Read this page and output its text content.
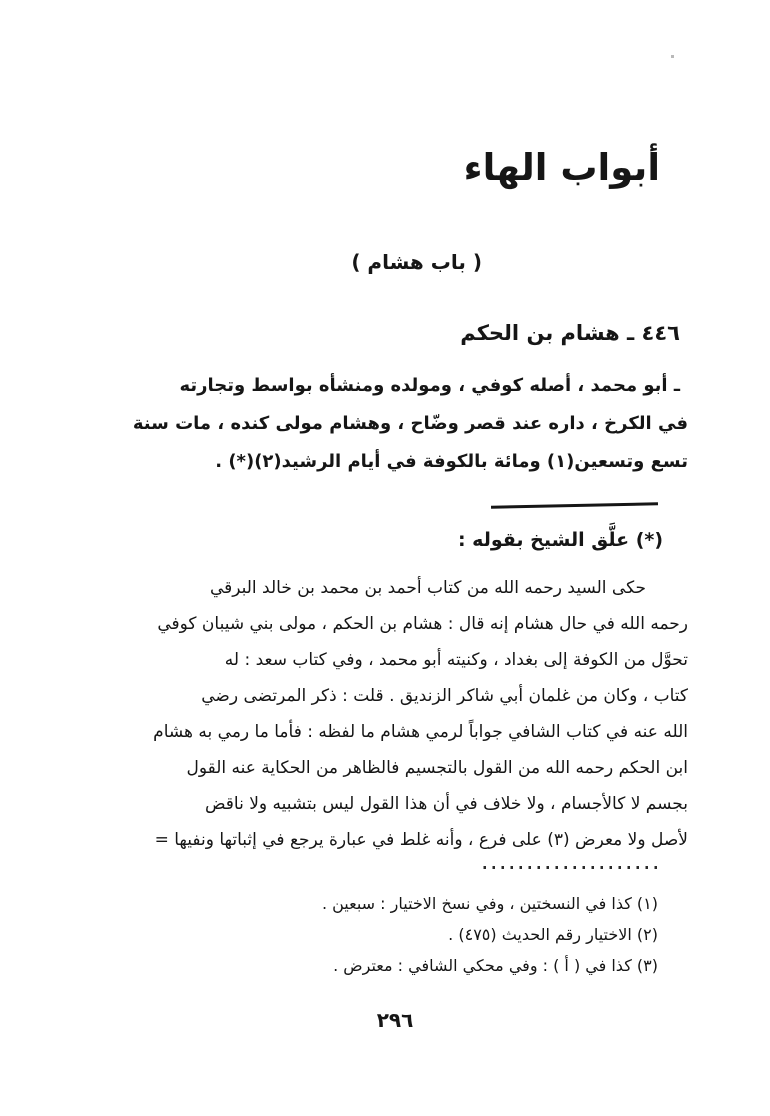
أبواب الهاء
( باب هشام )
٤٤٦ ـ هشام بن الحكم
ـ أبو محمد ، أصله كوفي ، ومولده ومنشأه بواسط وتجارته
في الكرخ ، داره عند قصر وضّاح ، وهشام مولى كنده ، مات سنة
تسع وتسعين(١) ومائة بالكوفة في أيام الرشيد(٢)(*) .
(*) علَّق الشيخ بقوله :
حكى السيد رحمه الله من كتاب أحمد بن محمد بن خالد البرقي
رحمه الله في حال هشام إنه قال : هشام بن الحكم ، مولى بني شيبان كوفي
تحوَّل من الكوفة إلى بغداد ، وكنيته أبو محمد ، وفي كتاب سعد : له
كتاب ، وكان من غلمان أبي شاكر الزنديق . قلت : ذكر المرتضى رضي
الله عنه في كتاب الشافي جواباً لرمي هشام ما لفظه : فأما ما رمي به هشام
ابن الحكم رحمه الله من القول بالتجسيم فالظاهر من الحكاية عنه القول
بجسم لا كالأجسام ، ولا خلاف في أن هذا القول ليس بتشبيه ولا ناقض
لأصل ولا معرض (٣) على فرع ، وأنه غلط في عبارة يرجع في إثباتها ونفيها =
(١) كذا في النسختين ، وفي نسخ الاختيار : سبعين .
(٢) الاختيار رقم الحديث (٤٧٥) .
(٣) كذا في ( أ ) : وفي محكي الشافي : معترض .
٢٩٦
